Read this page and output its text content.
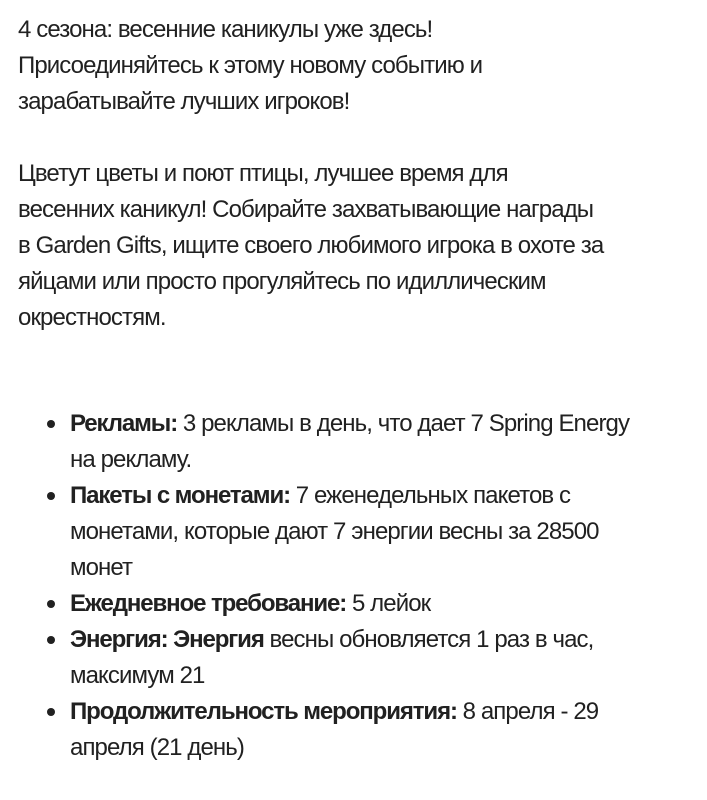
4 сезона: весенние каникулы уже здесь!
Присоединяйтесь к этому новому событию и
зарабатывайте лучших игроков!

Цветут цветы и поют птицы, лучшее время для
весенних каникул! Собирайте захватывающие награды
в Garden Gifts, ищите своего любимого игрока в охоте за
яйцами или просто прогуляйтесь по идиллическим
окрестностям.

Рекламы: 3 рекламы в день, что дает 7 Spring Energy
на рекламу.
Пакеты с монетами: 7 еженедельных пакетов с
монетами, которые дают 7 энергии весны за 28500
монет
Ежедневное требование: 5 лейок
Энергия: Энергия весны обновляется 1 раз в час,
максимум 21
Продолжительность мероприятия: 8 апреля - 29
апреля (21 день)
